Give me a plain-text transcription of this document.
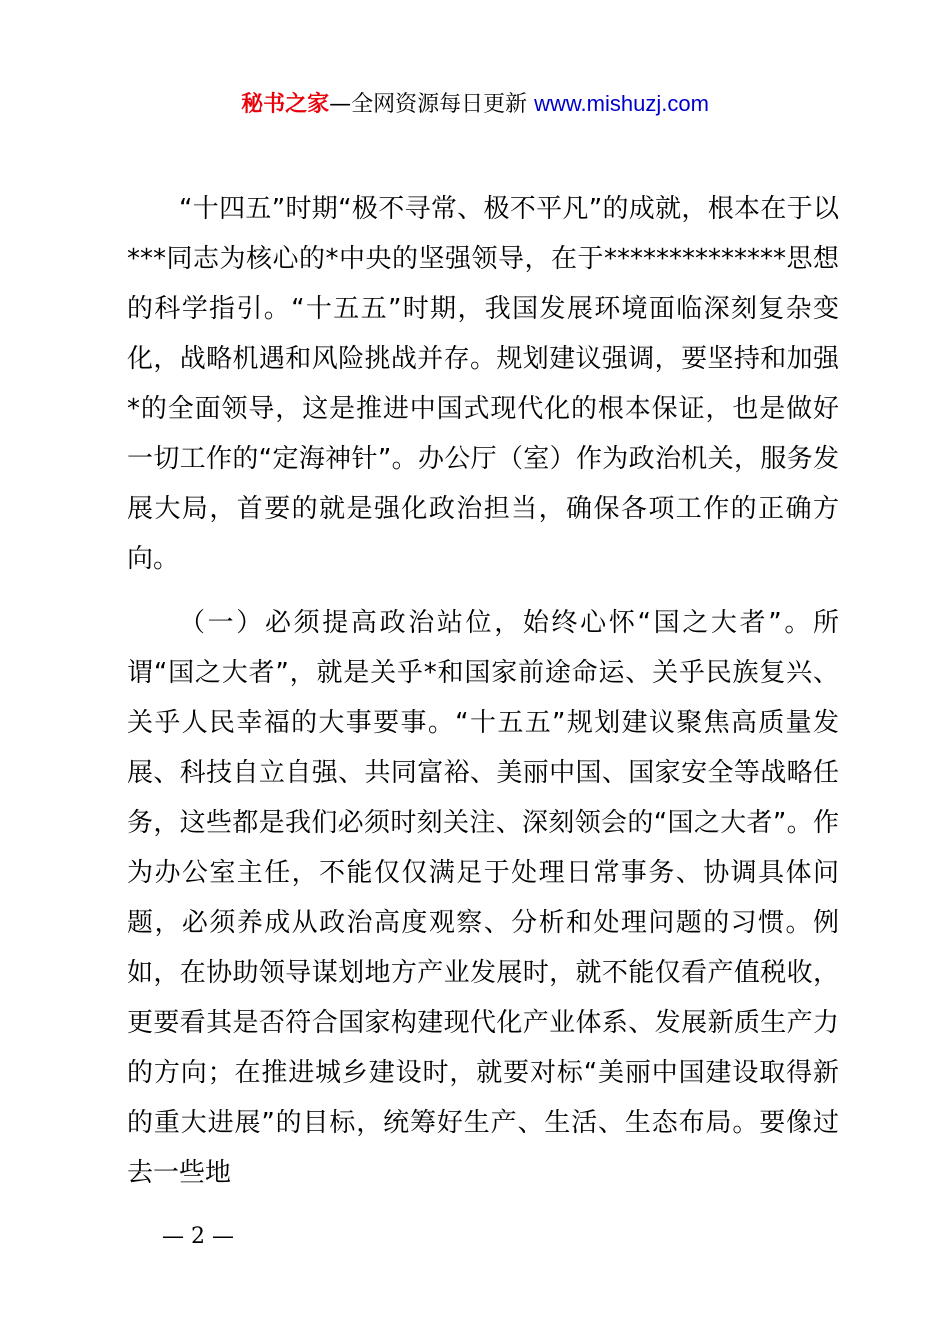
秘书之家—全网资源每日更新 www.mishuzj.com

“十四五”时期“极不寻常、极不平凡”的成就，根本在于以***同志为核心的*中央的坚强领导，在于**************思想的科学指引。“十五五”时期，我国发展环境面临深刻复杂变化，战略机遇和风险挑战并存。规划建议强调，要坚持和加强*的全面领导，这是推进中国式现代化的根本保证，也是做好一切工作的“定海神针”。办公厅（室）作为政治机关，服务发展大局，首要的就是强化政治担当，确保各项工作的正确方向。

（一）必须提高政治站位，始终心怀“国之大者”。所谓“国之大者”，就是关乎*和国家前途命运、关乎民族复兴、关乎人民幸福的大事要事。“十五五”规划建议聚焦高质量发展、科技自立自强、共同富裕、美丽中国、国家安全等战略任务，这些都是我们必须时刻关注、深刻领会的“国之大者”。作为办公室主任，不能仅仅满足于处理日常事务、协调具体问题，必须养成从政治高度观察、分析和处理问题的习惯。例如，在协助领导谋划地方产业发展时，就不能仅看产值税收，更要看其是否符合国家构建现代化产业体系、发展新质生产力的方向；在推进城乡建设时，就要对标“美丽中国建设取得新的重大进展”的目标，统筹好生产、生活、生态布局。要像过去一些地

— 2 —
